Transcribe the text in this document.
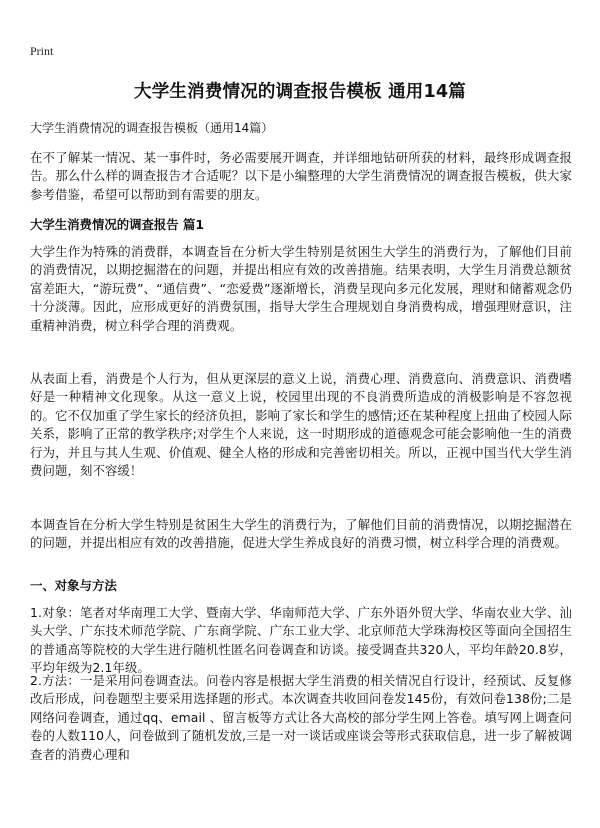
Print
大学生消费情况的调查报告模板 通用14篇

大学生消费情况的调查报告模板（通用14篇）

在不了解某一情况、某一事件时，务必需要展开调查，并详细地钻研所获的材料，最终形成调查报告。那么什么样的调查报告才合适呢？以下是小编整理的大学生消费情况的调查报告模板，供大家参考借鉴，希望可以帮助到有需要的朋友。

大学生消费情况的调查报告 篇1

大学生作为特殊的消费群，本调查旨在分析大学生特别是贫困生大学生的消费行为，了解他们目前的消费情况，以期挖掘潜在的问题，并提出相应有效的改善措施。结果表明，大学生月消费总额贫富差距大，“游玩费”、“通信费”、“恋爱费”逐渐增长，消费呈现向多元化发展，理财和储蓄观念仍十分淡薄。因此，应形成更好的消费氛围，指导大学生合理规划自身消费构成，增强理财意识，注重精神消费，树立科学合理的消费观。

从表面上看，消费是个人行为，但从更深层的意义上说，消费心理、消费意向、消费意识、消费嗜好是一种精神文化现象。从这一意义上说，校园里出现的不良消费所造成的消极影响是不容忽视的。它不仅加重了学生家长的经济负担，影响了家长和学生的感情;还在某种程度上扭曲了校园人际关系，影响了正常的教学秩序;对学生个人来说，这一时期形成的道德观念可能会影响他一生的消费行为，并且与其人生观、价值观、健全人格的形成和完善密切相关。所以，正视中国当代大学生消费问题，刻不容缓！

本调查旨在分析大学生特别是贫困生大学生的消费行为，了解他们目前的消费情况，以期挖掘潜在的问题，并提出相应有效的改善措施，促进大学生养成良好的消费习惯，树立科学合理的消费观。

一、对象与方法

1.对象：笔者对华南理工大学、暨南大学、华南师范大学、广东外语外贸大学、华南农业大学、汕头大学、广东技术师范学院、广东商学院、广东工业大学、北京师范大学珠海校区等面向全国招生的普通高等院校的大学生进行随机性匿名问卷调查和访谈。接受调查共320人，平均年龄20.8岁，平均年级为2.1年级。

2.方法：一是采用问卷调查法。问卷内容是根据大学生消费的相关情况自行设计，经预试、反复修改后形成，问卷题型主要采用选择题的形式。本次调查共收回问卷发145份，有效问卷138份;二是网络问卷调查，通过qq、email 、留言板等方式让各大高校的部分学生网上答卷。填写网上调查问卷的人数110人，问卷做到了随机发放,三是一对一谈话或座谈会等形式获取信息，进一步了解被调查者的消费心理和
